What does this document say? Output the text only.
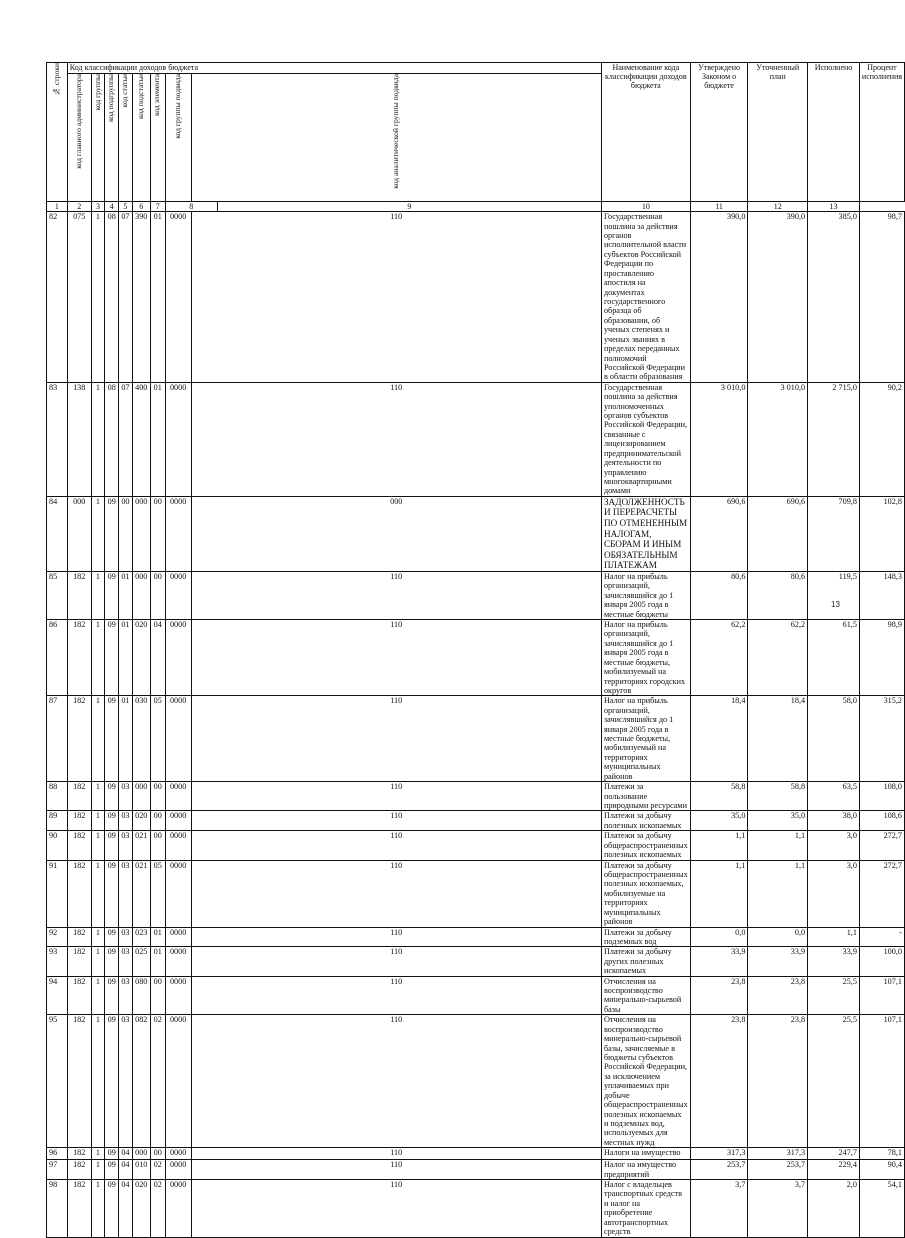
№ строки	Код классификации доходов бюджета									Наименование кода классификации доходов бюджета	Утверждено Законом о бюджете	Уточненный план	Исполнено	Процент исполнения
	код главного администратора	код группы	код подгруппы	код статьи	код подстатьи	код элемента	код группы подвида	код аналитической группы подвида						
1	2	3	4	5	6	7	8		9	10	11	12	13	
82	075	1	08	07	390	01	0000	110		Государственная пошлина за действия органов исполнительной власти субъектов Российской Федерации по проставлению апостиля на документах государственного образца об образовании, об ученых степенях и ученых званиях в пределах переданных полномочий Российской Федерации в области образования	390,0	390,0	385,0	98,7
83	138	1	08	07	400	01	0000	110		Государственная пошлина за действия уполномоченных органов субъектов Российской Федерации, связанные с лицензированием предпринимательской деятельности по управлению многоквартирными домами	3 010,0	3 010,0	2 715,0	90,2
84	000	1	09	00	000	00	0000	000		ЗАДОЛЖЕННОСТЬ И ПЕРЕРАСЧЕТЫ ПО ОТМЕНЕННЫМ НАЛОГАМ, СБОРАМ И ИНЫМ ОБЯЗАТЕЛЬНЫМ ПЛАТЕЖАМ	690,6	690,6	709,8	102,8
85	182	1	09	01	000	00	0000	110		Налог на прибыль организаций, зачислявшийся до 1 января 2005 года в местные бюджеты	80,6	80,6	119,5	148,3
86	182	1	09	01	020	04	0000	110		Налог на прибыль организаций, зачислявшийся до 1 января 2005 года в местные бюджеты, мобилизуемый на территориях городских округов	62,2	62,2	61,5	98,9
87	182	1	09	01	030	05	0000	110		Налог на прибыль организаций, зачислявшийся до 1 января 2005 года в местные бюджеты, мобилизуемый на территориях муниципальных районов	18,4	18,4	58,0	315,2
88	182	1	09	03	000	00	0000	110		Платежи за пользование природными ресурсами	58,8	58,8	63,5	108,0
89	182	1	09	03	020	00	0000	110		Платежи за добычу полезных ископаемых	35,0	35,0	38,0	108,6
90	182	1	09	03	021	00	0000	110		Платежи за добычу общераспространенных полезных ископаемых	1,1	1,1	3,0	272,7
91	182	1	09	03	021	05	0000	110		Платежи за добычу общераспространенных полезных ископаемых, мобилизуемые на территориях муниципальных районов	1,1	1,1	3,0	272,7
92	182	1	09	03	023	01	0000	110		Платежи за добычу подземных вод	0,0	0,0	1,1	-
93	182	1	09	03	025	01	0000	110		Платежи за добычу других полезных ископаемых	33,9	33,9	33,9	100,0
94	182	1	09	03	080	00	0000	110		Отчисления на воспроизводство минерально-сырьевой базы	23,8	23,8	25,5	107,1
95	182	1	09	03	082	02	0000	110		Отчисления на воспроизводство минерально-сырьевой базы, зачисляемые в бюджеты субъектов Российской Федерации, за исключением уплачиваемых при добыче общераспространенных полезных ископаемых и подземных вод, используемых для местных нужд	23,8	23,8	25,5	107,1
96	182	1	09	04	000	00	0000	110		Налоги на имущество	317,3	317,3	247,7	78,1
97	182	1	09	04	010	02	0000	110		Налог на имущество предприятий	253,7	253,7	229,4	90,4
98	182	1	09	04	020	02	0000	110		Налог с владельцев транспортных средств и налог на приобретение автотранспортных средств	3,7	3,7	2,0	54,1
13
